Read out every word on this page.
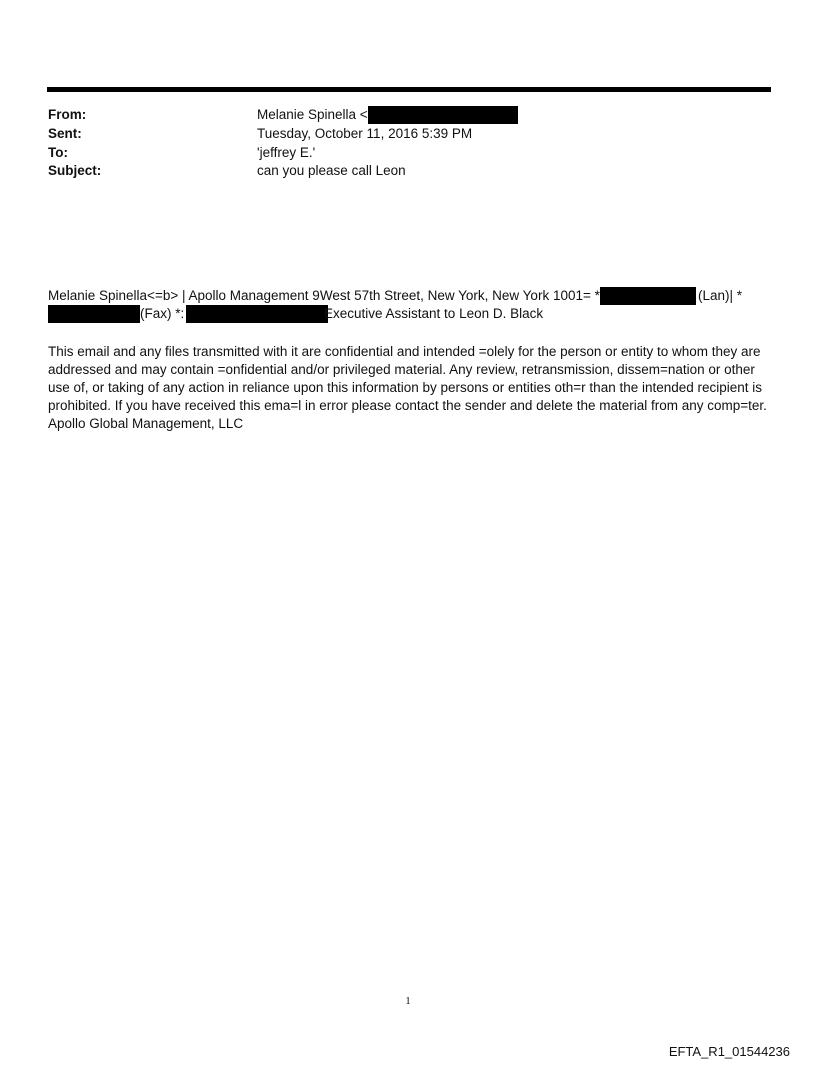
From:	Melanie Spinella <
Sent:	Tuesday, October 11, 2016 5:39 PM
To:	'jeffrey E.'
Subject:	can you please call Leon
Melanie Spinella<=b> | Apollo Management 9West 57th Street, New York, New York 1001= *	(Lan)| *
(Fax) *:	Executive Assistant to Leon D. Black
This email and any files transmitted with it are confidential and intended =olely for the person or entity to whom they are addressed and may contain =onfidential and/or privileged material. Any review, retransmission, dissem=nation or other use of, or taking of any action in reliance upon this information by persons or entities oth=r than the intended recipient is prohibited. If you have received this ema=l in error please contact the sender and delete the material from any comp=ter. Apollo Global Management, LLC
1
EFTA_R1_01544236
